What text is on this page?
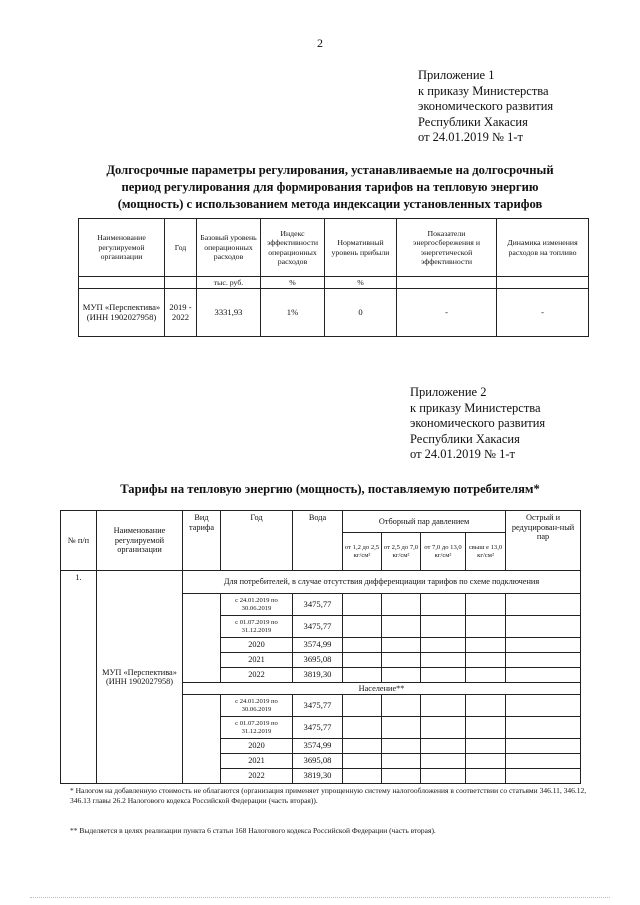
2
Приложение 1
к приказу Министерства
экономического развития
Республики Хакасия
от 24.01.2019 № 1-т
Долгосрочные параметры регулирования, устанавливаемые на долгосрочный
период регулирования для формирования тарифов на тепловую энергию
(мощность) с использованием метода индексации установленных тарифов
Наименование регулируемой организации	Год	Базовый уровень операционных расходов	Индекс эффективности операционных расходов	Нормативный уровень прибыли	Показатели энергосбережения и энергетической эффективности	Динамика изменения расходов на топливо
		тыс. руб.	%	%		
МУП «Перспектива» (ИНН 1902027958)	2019 - 2022	3331,93	1%	0	-	-
Приложение 2
к приказу Министерства
экономического развития
Республики Хакасия
от 24.01.2019 № 1-т
Тарифы на тепловую энергию (мощность), поставляемую потребителям*
№ п/п	Наименование регулируемой организации	Вид тарифа	Год	Вода	Отборный пар давлением				Острый и редуцирован-ный пар
					от 1,2 до 2,5 кг/см²	от 2,5 до 7,0 кг/см²	от 7,0 до 13,0 кг/см²	свыш е 13,0 кг/см²	
1.	МУП «Перспектива» (ИНН 1902027958)	Для потребителей, в случае отсутствия дифференциации тарифов по схеме подключения							
			с 24.01.2019 по 30.06.2019	3475,77					
			с 01.07.2019 по 31.12.2019	3475,77					
			2020	3574,99					
			2021	3695,08					
			2022	3819,30					
		Население**							
			с 24.01.2019 по 30.06.2019	3475,77					
			с 01.07.2019 по 31.12.2019	3475,77					
			2020	3574,99					
			2021	3695,08					
			2022	3819,30					
* Налогом на добавленную стоимость не облагаются (организация применяет упрощенную систему налогообложения в соответствии со статьями 346.11, 346.12, 346.13 главы 26.2 Налогового кодекса Российской Федерации (часть вторая)).
** Выделяется в целях реализации пункта 6 статьи 168 Налогового кодекса Российской Федерации (часть вторая).
